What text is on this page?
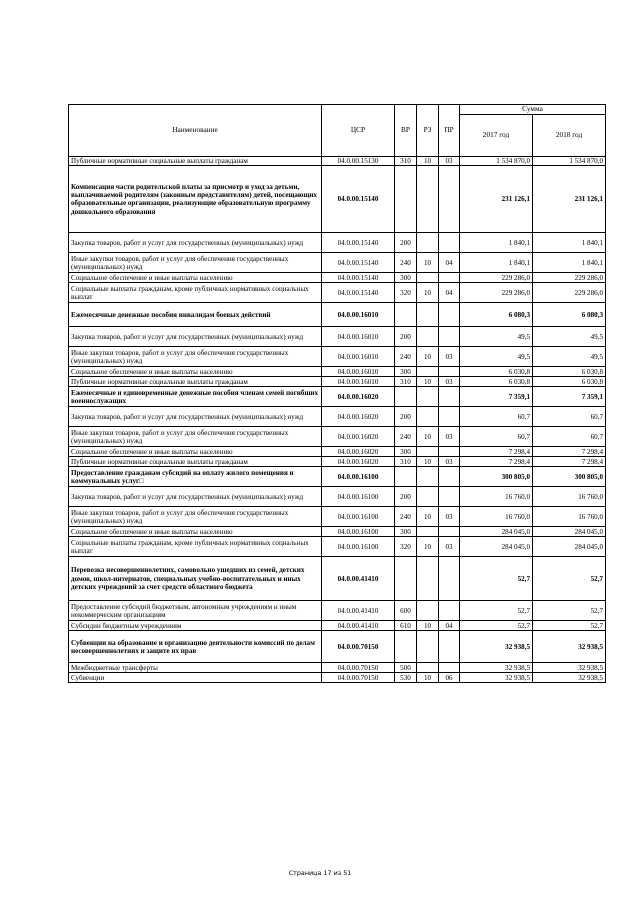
Наименование	ЦСР	ВР	РЗ	ПР	Сумма	
					2017 год	2018 год
Публичные нормативные социальные выплаты гражданам	04.0.00.15130	310	10	03	1 534 870,0	1 534 870,0
Компенсация части родительской платы за присмотр и уход за детьми, выплачиваемой родителям (законным представителям) детей, посещающих образовательные организации, реализующие образовательную программу дошкольного образования	04.0.00.15140				231 126,1	231 126,1
Закупка товаров, работ и услуг для государственных (муниципальных) нужд	04.0.00.15140	200			1 840,1	1 840,1
Иные закупки товаров, работ и услуг для обеспечения государственных (муниципальных) нужд	04.0.00.15140	240	10	04	1 840,1	1 840,1
Социальное обеспечение и иные выплаты населению	04.0.00.15140	300			229 286,0	229 286,0
Социальные выплаты гражданам, кроме публичных нормативных социальных выплат	04.0.00.15140	320	10	04	229 286,0	229 286,0
Ежемесячные денежные пособия инвалидам боевых действий	04.0.00.16010				6 080,3	6 080,3
Закупка товаров, работ и услуг для государственных (муниципальных) нужд	04.0.00.16010	200			49,5	49,5
Иные закупки товаров, работ и услуг для обеспечения государственных (муниципальных) нужд	04.0.00.16010	240	10	03	49,5	49,5
Социальное обеспечение и иные выплаты населению	04.0.00.16010	300			6 030,8	6 030,8
Публичные нормативные социальные выплаты гражданам	04.0.00.16010	310	10	03	6 030,8	6 030,8
Ежемесячные и единовременные денежные пособия членам семей погибших военнослужащих	04.0.00.16020				7 359,1	7 359,1
Закупка товаров, работ и услуг для государственных (муниципальных) нужд	04.0.00.16020	200			60,7	60,7
Иные закупки товаров, работ и услуг для обеспечения государственных (муниципальных) нужд	04.0.00.16020	240	10	03	60,7	60,7
Социальное обеспечение и иные выплаты населению	04.0.00.16020	300			7 298,4	7 298,4
Публичные нормативные социальные выплаты гражданам	04.0.00.16020	310	10	03	7 298,4	7 298,4
Предоставление гражданам субсидий на оплату жилого помещения и коммунальных услуг□	04.0.00.16100				300 805,0	300 805,0
Закупка товаров, работ и услуг для государственных (муниципальных) нужд	04.0.00.16100	200			16 760,0	16 760,0
Иные закупки товаров, работ и услуг для обеспечения государственных (муниципальных) нужд	04.0.00.16100	240	10	03	16 760,0	16 760,0
Социальное обеспечение и иные выплаты населению	04.0.00.16100	300			284 045,0	284 045,0
Социальные выплаты гражданам, кроме публичных нормативных социальных выплат	04.0.00.16100	320	10	03	284 045,0	284 045,0
Перевозка несовершеннолетних, самовольно ушедших из семей, детских домов, школ-интернатов, специальных учебно-воспитательных и иных детских учреждений за счет средств областного бюджета	04.0.00.41410				52,7	52,7
Предоставление субсидий бюджетным, автономным учреждениям и иным некоммерческим организациям	04.0.00.41410	600			52,7	52,7
Субсидии бюджетным учреждениям	04.0.00.41410	610	10	04	52,7	52,7
Субвенции на образование и организацию деятельности комиссий по делам несовершеннолетних и защите их прав	04.0.00.70150				32 938,5	32 938,5
Межбюджетные трансферты	04.0.00.70150	500			32 938,5	32 938,5
Субвенции	04.0.00.70150	530	10	06	32 938,5	32 938,5
Страница 17 из 51
